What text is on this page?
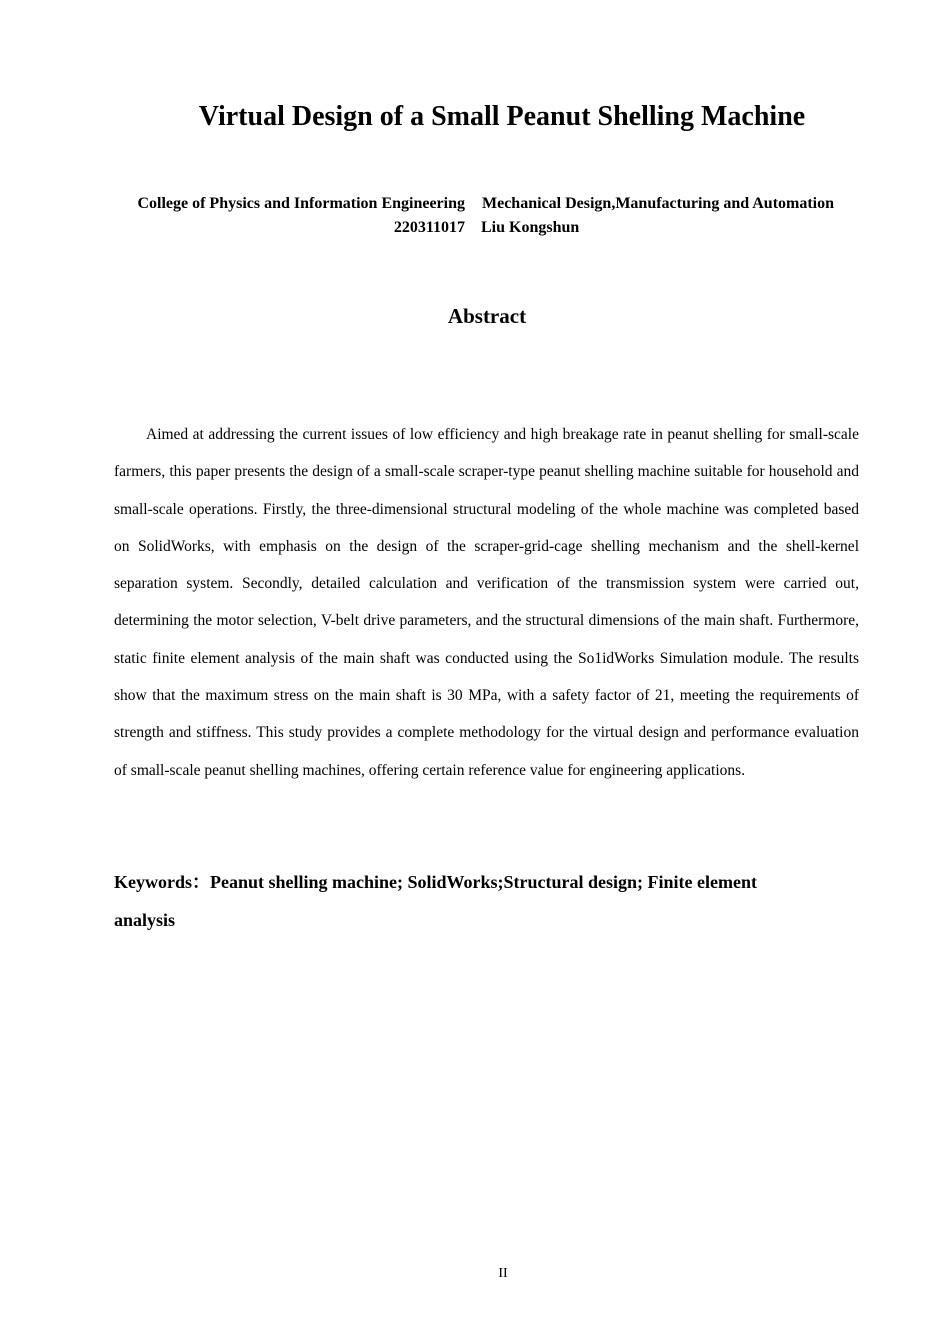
Virtual Design of a Small Peanut Shelling Machine
College of Physics and Information Engineering Mechanical Design,Manufacturing and Automation
220311017 Liu Kongshun
Abstract

Aimed at addressing the current issues of low efficiency and high breakage rate in peanut shelling for small-scale farmers, this paper presents the design of a small-scale scraper-type peanut shelling machine suitable for household and small-scale operations. Firstly, the three-dimensional structural modeling of the whole machine was completed based on SolidWorks, with emphasis on the design of the scraper-grid-cage shelling mechanism and the shell-kernel separation system. Secondly, detailed calculation and verification of the transmission system were carried out, determining the motor selection, V-belt drive parameters, and the structural dimensions of the main shaft. Furthermore, static finite element analysis of the main shaft was conducted using the So1idWorks Simulation module. The results show that the maximum stress on the main shaft is 30 MPa, with a safety factor of 21, meeting the requirements of strength and stiffness. This study provides a complete methodology for the virtual design and performance evaluation of small-scale peanut shelling machines, offering certain reference value for engineering applications.

Keywords：Peanut shelling machine; SolidWorks;Structural design; Finite element analysis

II
